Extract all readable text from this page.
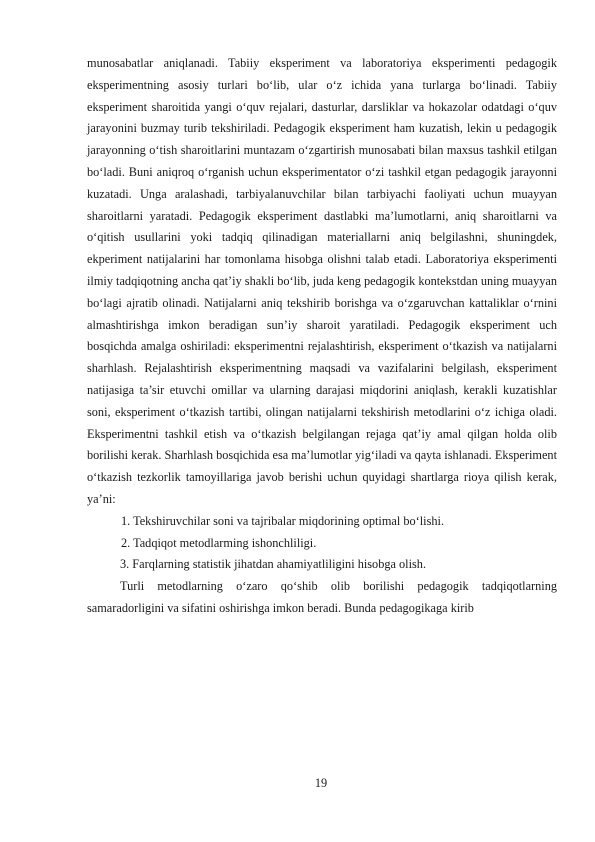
munosabatlar aniqlanadi. Tabiiy eksperiment va laboratoriya eksperimenti pedagogik eksperimentning asosiy turlari bo‘lib, ular o‘z ichida yana turlarga bo‘linadi. Tabiiy eksperiment sharoitida yangi o‘quv rejalari, dasturlar, darsliklar va hokazolar odatdagi o‘quv jarayonini buzmay turib tekshiriladi. Pedagogik eksperiment ham kuzatish, lekin u pedagogik jarayonning o‘tish sharoitlarini muntazam o‘zgartirish munosabati bilan maxsus tashkil etilgan bo‘ladi. Buni aniqroq o‘rganish uchun eksperimentator o‘zi tashkil etgan pedagogik jarayonni kuzatadi. Unga aralashadi, tarbiyalanuvchilar bilan tarbiyachi faoliyati uchun muayyan sharoitlarni yaratadi. Pedagogik eksperiment dastlabki ma’lumotlarni, aniq sharoitlarni va o‘qitish usullarini yoki tadqiq qilinadigan materiallarni aniq belgilashni, shuningdek, ekperiment natijalarini har tomonlama hisobga olishni talab etadi. Laboratoriya eksperimenti ilmiy tadqiqotning ancha qat’iy shakli bo‘lib, juda keng pedagogik kontekstdan uning muayyan bo‘lagi ajratib olinadi. Natijalarni aniq tekshirib borishga va o‘zgaruvchan kattaliklar o‘rnini almashtirishga imkon beradigan sun’iy sharoit yaratiladi. Pedagogik eksperiment uch bosqichda amalga oshiriladi: eksperimentni rejalashtirish, eksperiment o‘tkazish va natijalarni sharhlash. Rejalashtirish eksperimentning maqsadi va vazifalarini belgilash, eksperiment natijasiga ta’sir etuvchi omillar va ularning darajasi miqdorini aniqlash, kerakli kuzatishlar soni, eksperiment o‘tkazish tartibi, olingan natijalarni tekshirish metodlarini o‘z ichiga oladi. Eksperimentni tashkil etish va o‘tkazish belgilangan rejaga qat’iy amal qilgan holda olib borilishi kerak. Sharhlash bosqichida esa ma’lumotlar yig‘iladi va qayta ishlanadi. Eksperiment o‘tkazish tezkorlik tamoyillariga javob berishi uchun quyidagi shartlarga rioya qilish kerak, ya’ni:

1. Tekshiruvchilar soni va tajribalar miqdorining optimal bo‘lishi.

2. Tadqiqot metodlarming ishonchliligi.

3. Farqlarning statistik jihatdan ahamiyatliligini hisobga olish.

Turli metodlarning o‘zaro qo‘shib olib borilishi pedagogik tadqiqotlarning samaradorligini va sifatini oshirishga imkon beradi. Bunda pedagogikaga kirib

19
